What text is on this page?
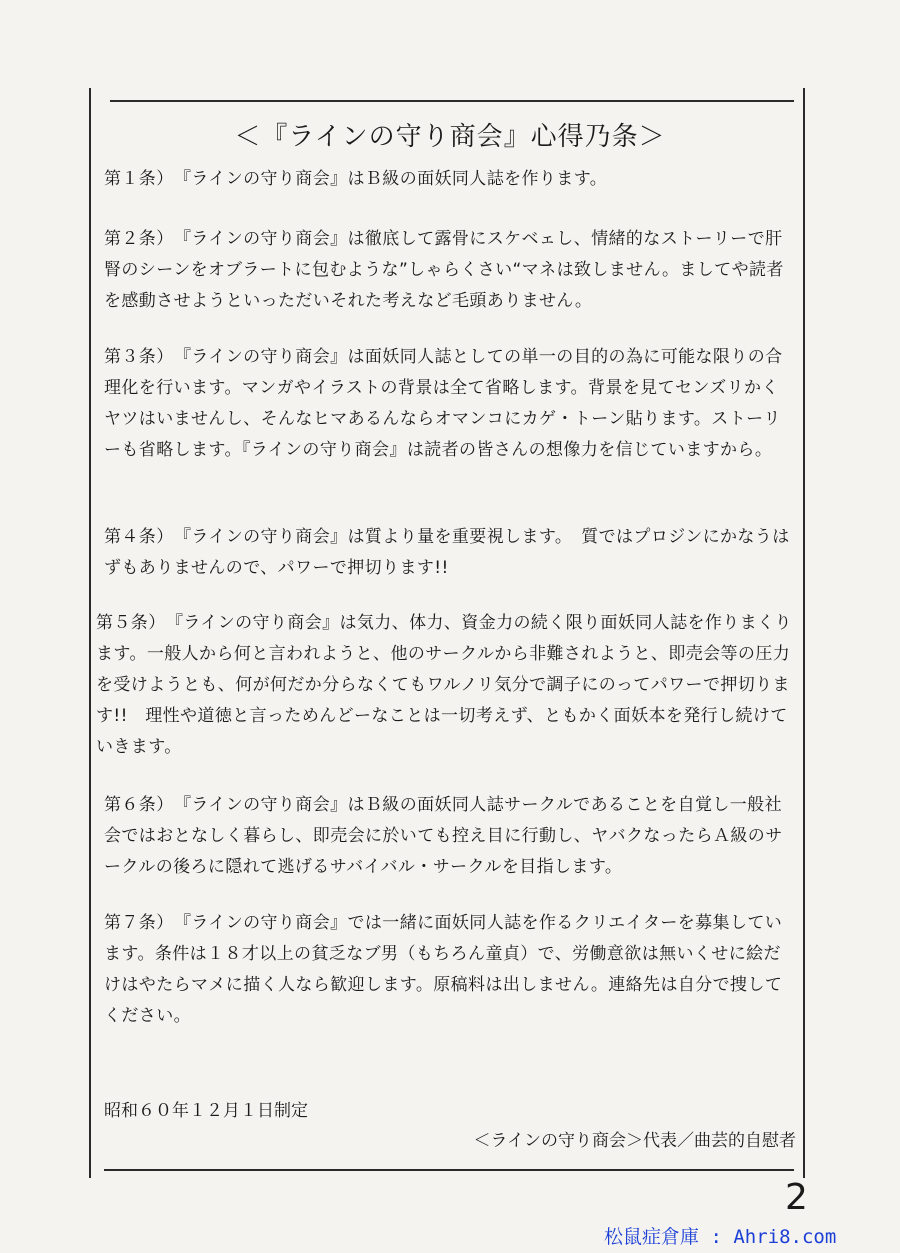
＜『ラインの守り商会』心得乃条＞
第１条）　『ラインの守り商会』はＢ級の面妖同人誌を作ります。
第２条）　『ラインの守り商会』は徹底して露骨にスケベェし、情緒的なストーリーで肝腎のシーンをオブラートに包むような”しゃらくさい“マネは致しません。ましてや読者を感動させようといっただいそれた考えなど毛頭ありません。
第３条）　『ラインの守り商会』は面妖同人誌としての単一の目的の為に可能な限りの合理化を行います。マンガやイラストの背景は全て省略します。背景を見てセンズリかくヤツはいませんし、そんなヒマあるんならオマンコにカゲ・トーン貼ります。ストーリーも省略します。『ラインの守り商会』は読者の皆さんの想像力を信じていますから。
第４条）　『ラインの守り商会』は質より量を重要視します。　質ではプロジンにかなうはずもありませんので、パワーで押切ります!!
第５条）　『ラインの守り商会』は気力、体力、資金力の続く限り面妖同人誌を作りまくります。一般人から何と言われようと、他のサークルから非難されようと、即売会等の圧力を受けようとも、何が何だか分らなくてもワルノリ気分で調子にのってパワーで押切ります!!　理性や道徳と言っためんどーなことは一切考えず、ともかく面妖本を発行し続けていきます。
第６条）　『ラインの守り商会』はＢ級の面妖同人誌サークルであることを自覚し一般社会ではおとなしく暮らし、即売会に於いても控え目に行動し、ヤバクなったらＡ級のサークルの後ろに隠れて逃げるサバイバル・サークルを目指します。
第７条）　『ラインの守り商会』では一緒に面妖同人誌を作るクリエイターを募集しています。条件は１８才以上の貧乏なブ男（もちろん童貞）で、労働意欲は無いくせに絵だけはやたらマメに描く人なら歓迎します。原稿料は出しません。連絡先は自分で捜してください。
昭和６０年１２月１日制定
＜ラインの守り商会＞代表／曲芸的自慰者
2
松鼠症倉庫 : Ahri8.com
